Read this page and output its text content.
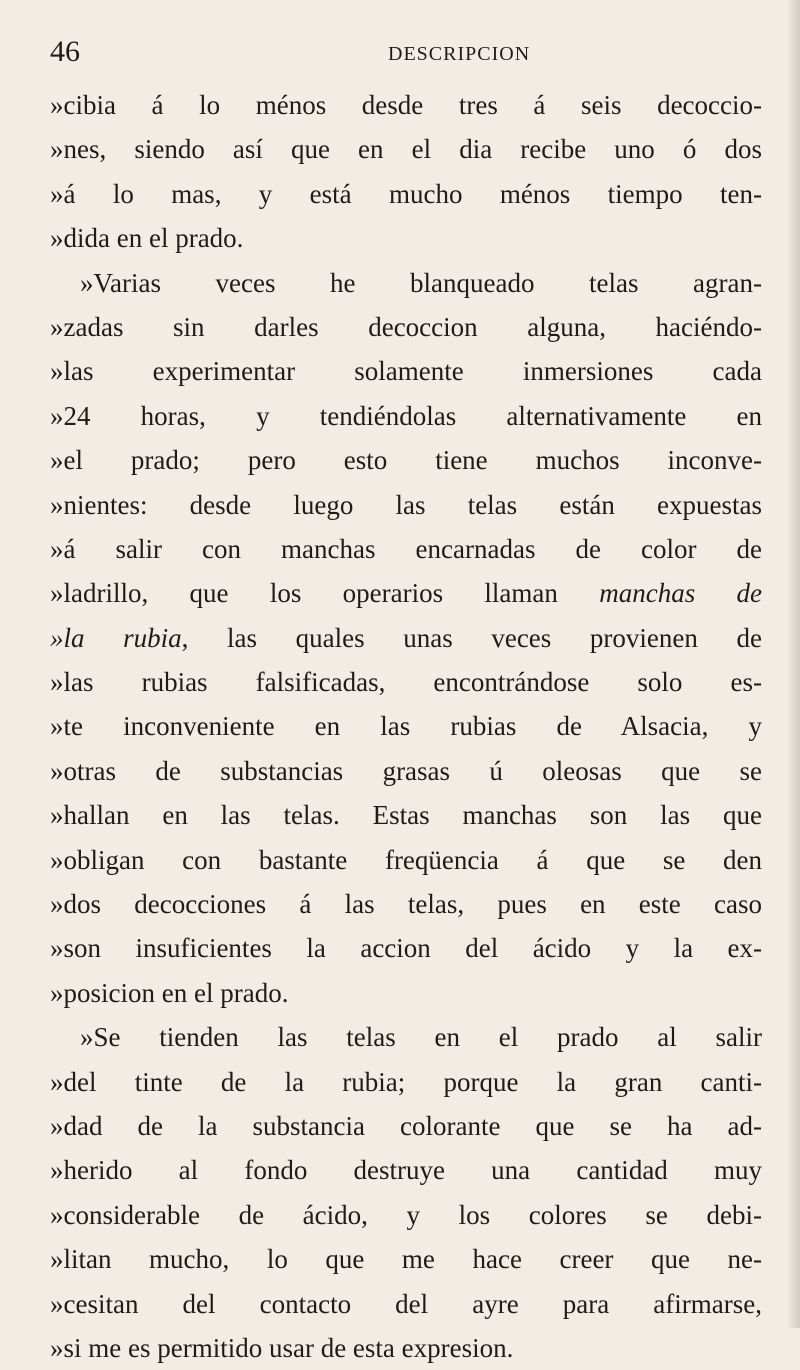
46	DESCRIPCION
»cibia á lo ménos desde tres á seis decoccio-
»nes, siendo así que en el dia recibe uno ó dos
»á lo mas, y está mucho ménos tiempo ten-
»dida en el prado.
»Varias veces he blanqueado telas agran-
»zadas sin darles decoccion alguna, haciéndo-
»las experimentar solamente inmersiones cada
»24 horas, y tendiéndolas alternativamente en
»el prado; pero esto tiene muchos inconve-
»nientes: desde luego las telas están expuestas
»á salir con manchas encarnadas de color de
»ladrillo, que los operarios llaman manchas de
»la rubia, las quales unas veces provienen de
»las rubias falsificadas, encontrándose solo es-
»te inconveniente en las rubias de Alsacia, y
»otras de substancias grasas ú oleosas que se
»hallan en las telas. Estas manchas son las que
»obligan con bastante freqüencia á que se den
»dos decocciones á las telas, pues en este caso
»son insuficientes la accion del ácido y la ex-
»posicion en el prado.
»Se tienden las telas en el prado al salir
»del tinte de la rubia; porque la gran canti-
»dad de la substancia colorante que se ha ad-
»herido al fondo destruye una cantidad muy
»considerable de ácido, y los colores se debi-
»litan mucho, lo que me hace creer que ne-
»cesitan del contacto del ayre para afirmarse,
»si me es permitido usar de esta expresion.
